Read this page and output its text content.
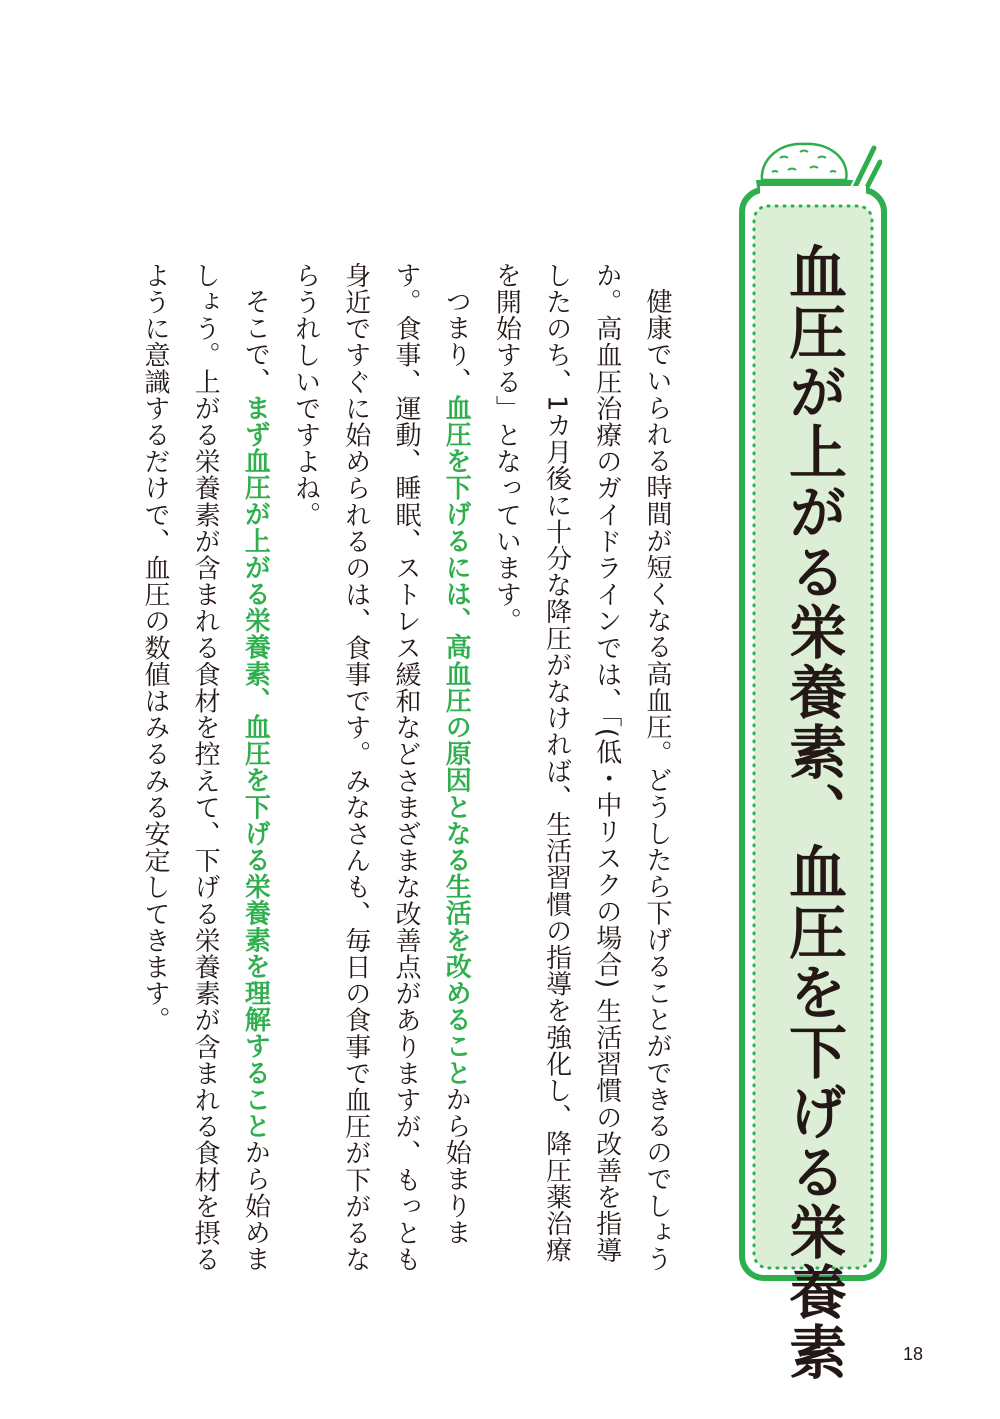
血圧が上がる栄養素、血圧を下げる栄養素

健康でいられる時間が短くなる高血圧。どうしたら下げることができるのでしょうか。高血圧治療のガイドラインでは、「(低・中リスクの場合) 生活習慣の改善を指導したのち、1カ月後に十分な降圧がなければ、生活習慣の指導を強化し、降圧薬治療を開始する」となっています。

つまり、血圧を下げるには、高血圧の原因となる生活を改めることから始まります。食事、運動、睡眠、ストレス緩和などさまざまな改善点がありますが、もっとも身近ですぐに始められるのは、食事です。みなさんも、毎日の食事で血圧が下がるならうれしいですよね。

そこで、まず血圧が上がる栄養素、血圧を下げる栄養素を理解することから始めましょう。上がる栄養素が含まれる食材を控えて、下げる栄養素が含まれる食材を摂るように意識するだけで、血圧の数値はみるみる安定してきます。

18
